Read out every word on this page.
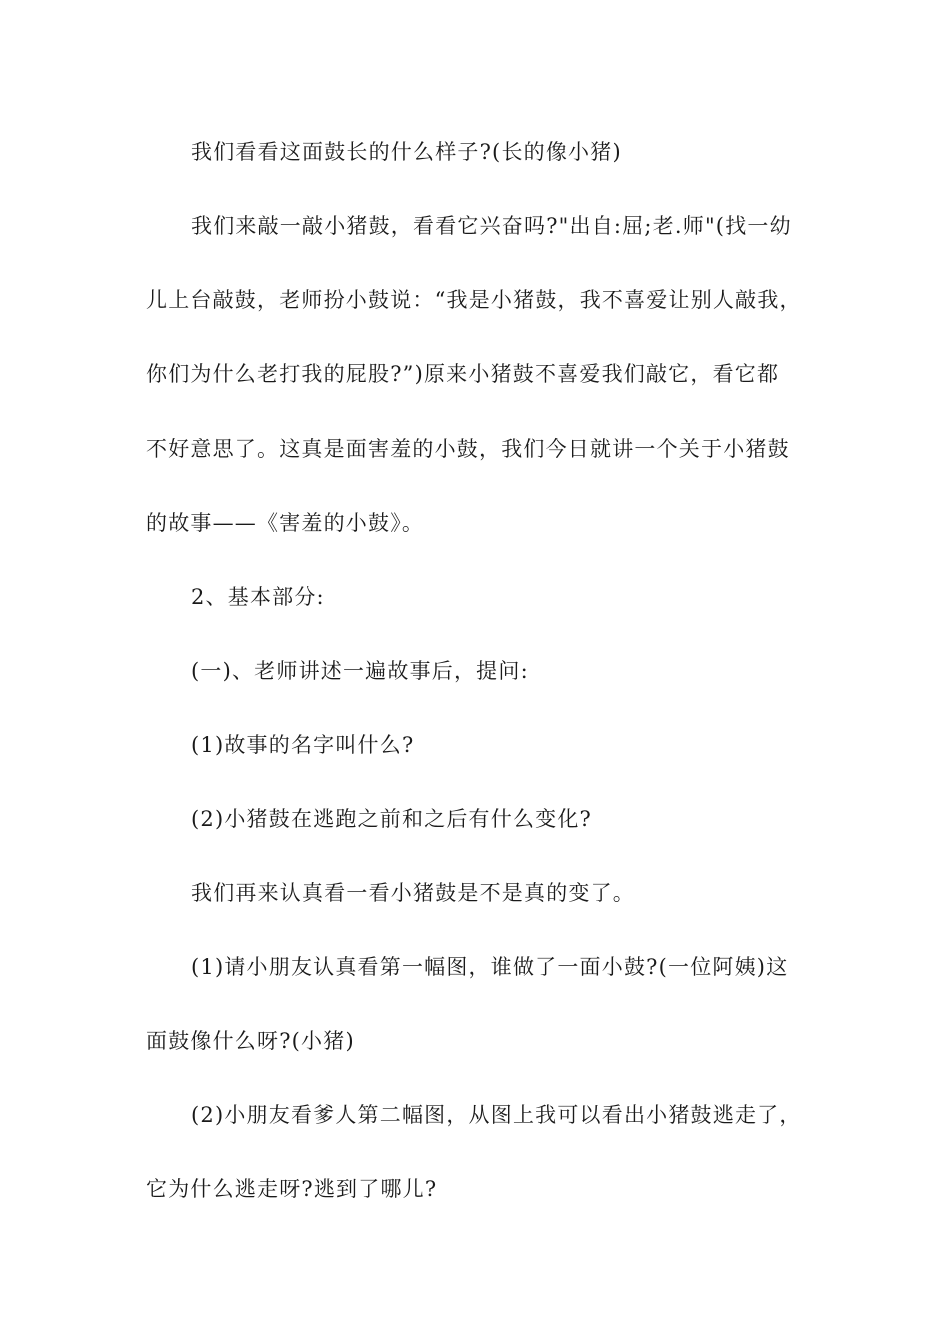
我们看看这面鼓长的什么样子?(长的像小猪)
我们来敲一敲小猪鼓，看看它兴奋吗?"出自:屈;老.师"(找一幼
儿上台敲鼓，老师扮小鼓说：“我是小猪鼓，我不喜爱让别人敲我，
你们为什么老打我的屁股?”)原来小猪鼓不喜爱我们敲它，看它都
不好意思了。这真是面害羞的小鼓，我们今日就讲一个关于小猪鼓
的故事——《害羞的小鼓》。
2、基本部分:
(一)、老师讲述一遍故事后，提问:
(1)故事的名字叫什么?
(2)小猪鼓在逃跑之前和之后有什么变化?
我们再来认真看一看小猪鼓是不是真的变了。
(1)请小朋友认真看第一幅图，谁做了一面小鼓?(一位阿姨)这
面鼓像什么呀?(小猪)
(2)小朋友看爹人第二幅图，从图上我可以看出小猪鼓逃走了，
它为什么逃走呀?逃到了哪儿?
